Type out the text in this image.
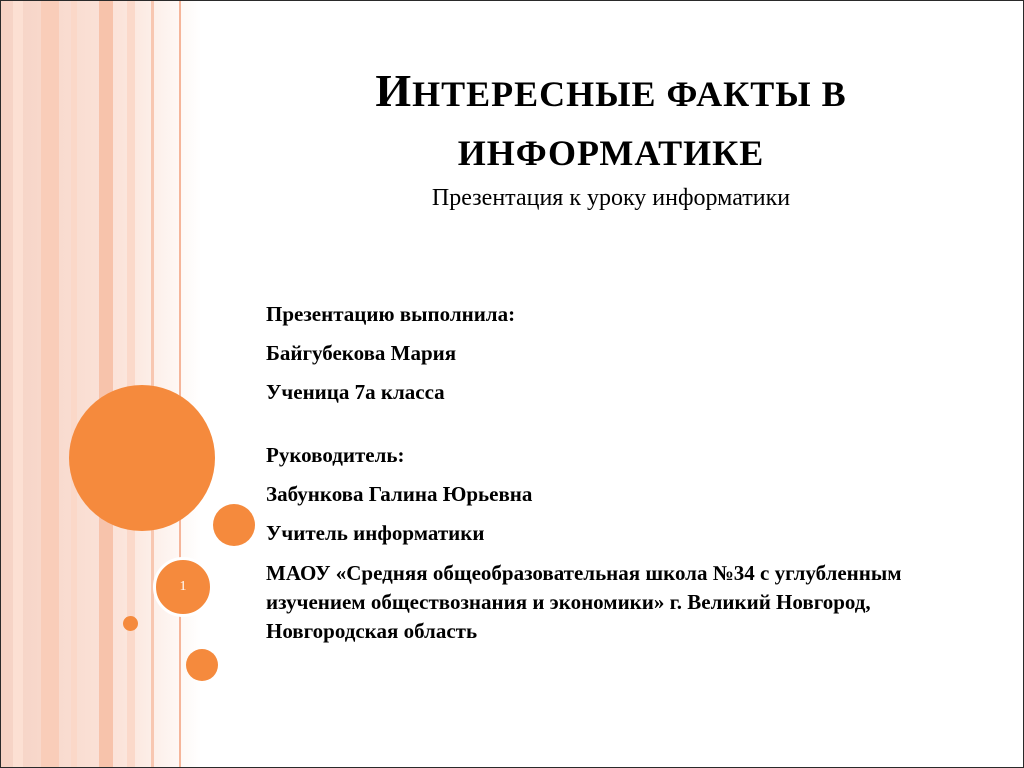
1
ИНТЕРЕСНЫЕ ФАКТЫ В
ИНФОРМАТИКЕ
Презентация к уроку информатики

Презентацию выполнила:

Байгубекова Мария

Ученица 7а класса

Руководитель:

Забункова Галина Юрьевна

Учитель информатики

МАОУ «Средняя общеобразовательная школа №34 с углубленным изучением обществознания и экономики» г. Великий Новгород, Новгородская область
